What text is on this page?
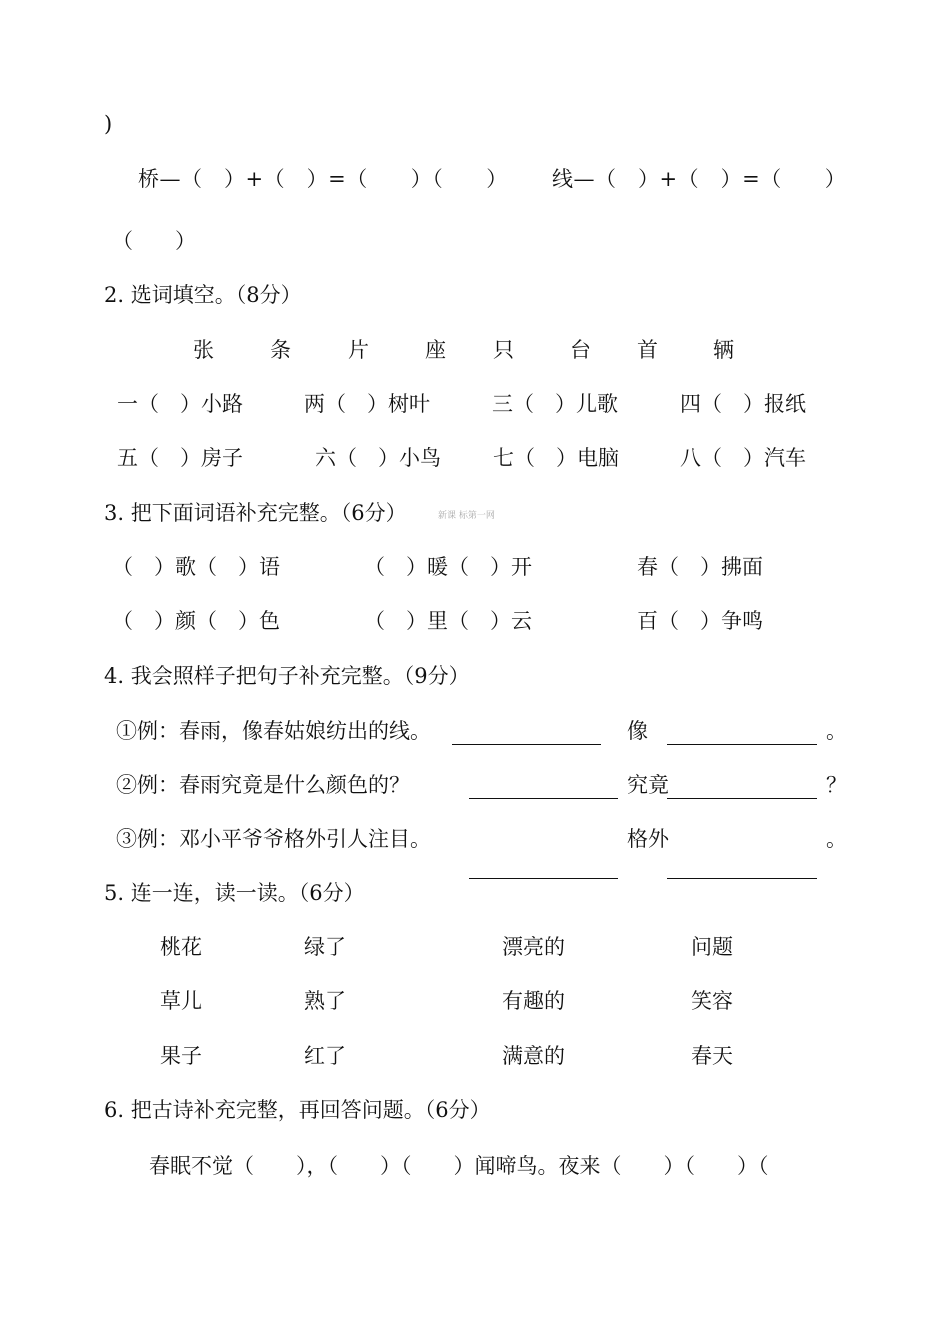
)
桥—（　）+（　）=（　　）（　　） 线—（　）+（　）=（　　）
（　　）
2. 选词填空。（8分）
张	条	片	座 只	台 首	辆
一（　）小路	两（　）树叶	三（　）儿歌	四（　）报纸
五（　）房子	六（　）小鸟 七（　）电脑	八（　）汽车
3. 把下面词语补充完整。（6分）	新课 标第一网
（　）歌（　）语	（　）暖（　）开	春（　）拂面
（　）颜（　）色	（　）里（　）云	百（　）争鸣
4. 我会照样子把句子补充完整。（9分）
①例：春雨，像春姑娘纺出的线。	像	。
②例：春雨究竟是什么颜色的？	究竟	？
③例：邓小平爷爷格外引人注目。	格外	。
5. 连一连，读一读。（6分）
桃花	绿了	漂亮的	问题
草儿	熟了	有趣的	笑容
果子	红了	满意的	春天
6. 把古诗补充完整，再回答问题。（6分）
春眠不觉（　　），（　　）（　　）闻啼鸟。夜来（　　）（　　）（
